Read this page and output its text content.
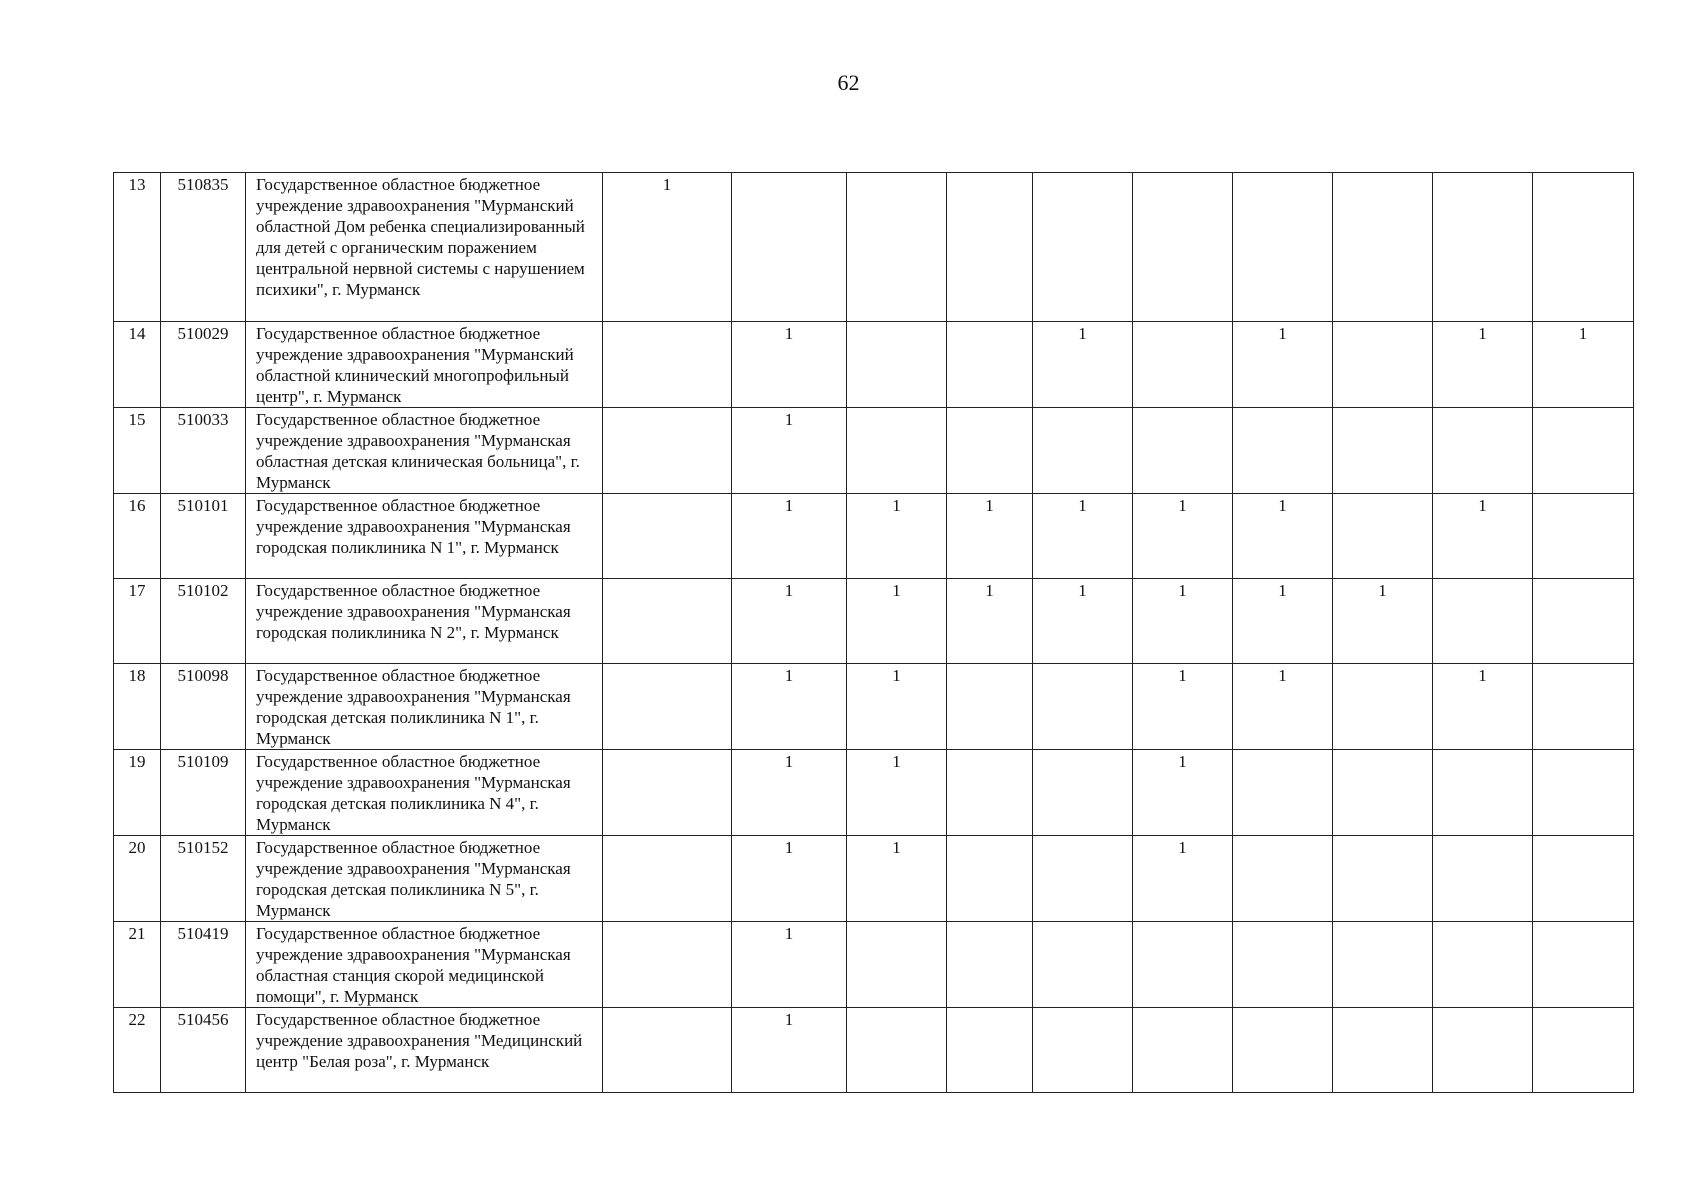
62
13	510835	Государственное областное бюджетное учреждение здравоохранения "Мурманский областной Дом ребенка специализированный для детей с органическим поражением центральной нервной системы с нарушением психики", г. Мурманск	1									
14	510029	Государственное областное бюджетное учреждение здравоохранения "Мурманский областной клинический многопрофильный центр", г. Мурманск		1			1		1		1	1
15	510033	Государственное областное бюджетное учреждение здравоохранения "Мурманская областная детская клиническая больница", г. Мурманск		1								
16	510101	Государственное областное бюджетное учреждение здравоохранения "Мурманская городская поликлиника N 1", г. Мурманск		1	1	1	1	1	1		1	
17	510102	Государственное областное бюджетное учреждение здравоохранения "Мурманская городская поликлиника N 2", г. Мурманск		1	1	1	1	1	1	1		
18	510098	Государственное областное бюджетное учреждение здравоохранения "Мурманская городская детская поликлиника N 1", г. Мурманск		1	1			1	1		1	
19	510109	Государственное областное бюджетное учреждение здравоохранения "Мурманская городская детская поликлиника N 4", г. Мурманск		1	1			1				
20	510152	Государственное областное бюджетное учреждение здравоохранения "Мурманская городская детская поликлиника N 5", г. Мурманск		1	1			1				
21	510419	Государственное областное бюджетное учреждение здравоохранения "Мурманская областная станция скорой медицинской помощи", г. Мурманск		1								
22	510456	Государственное областное бюджетное учреждение здравоохранения "Медицинский центр "Белая роза", г. Мурманск		1								
